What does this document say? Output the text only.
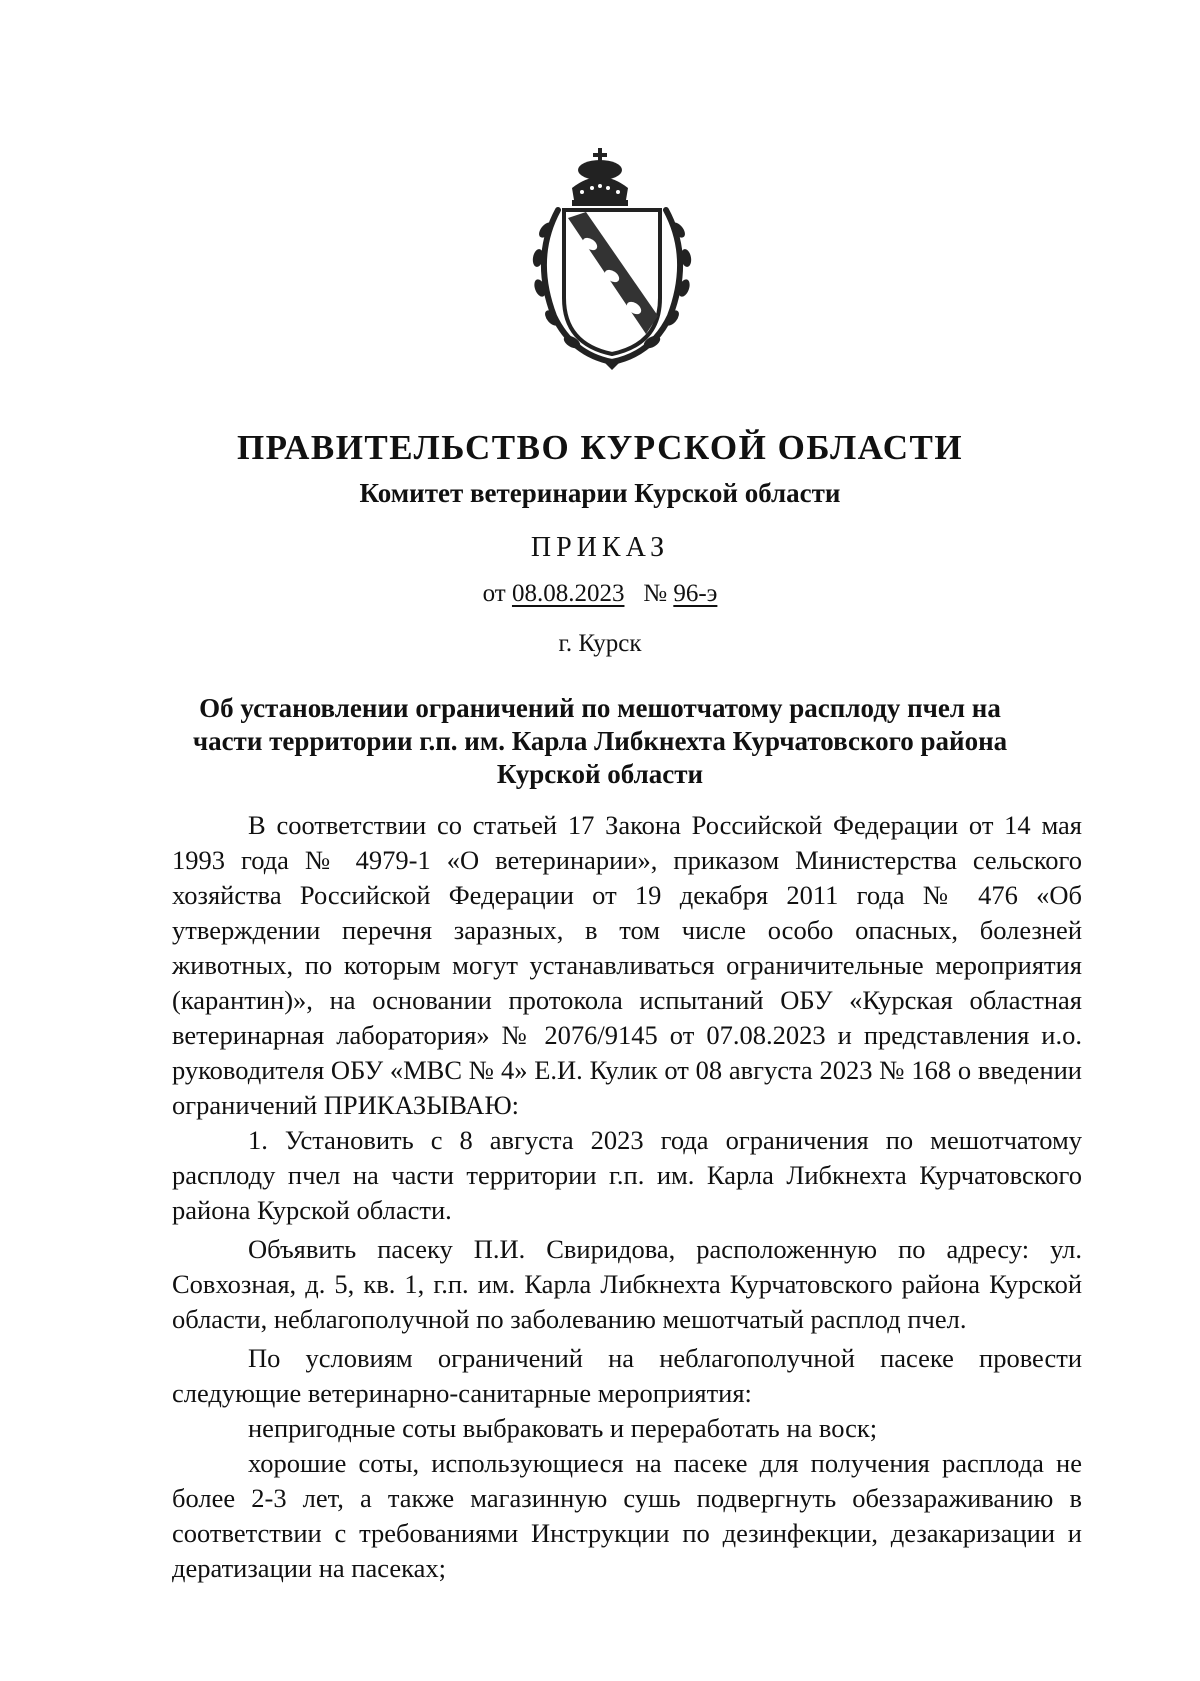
ПРАВИТЕЛЬСТВО КУРСКОЙ ОБЛАСТИ
Комитет ветеринарии Курской области
ПРИКАЗ
от 08.08.2023 № 96-э
г. Курск
Об установлении ограничений по мешотчатому расплоду пчел на
части территории г.п. им. Карла Либкнехта Курчатовского района
Курской области

В соответствии со статьей 17 Закона Российской Федерации от 14 мая 1993 года № 4979-1 «О ветеринарии», приказом Министерства сельского хозяйства Российской Федерации от 19 декабря 2011 года № 476 «Об утверждении перечня заразных, в том числе особо опасных, болезней животных, по которым могут устанавливаться ограничительные мероприятия (карантин)», на основании протокола испытаний ОБУ «Курская областная ветеринарная лаборатория» № 2076/9145 от 07.08.2023 и представления и.о. руководителя ОБУ «МВС № 4» Е.И. Кулик от 08 августа 2023 № 168 о введении ограничений ПРИКАЗЫВАЮ:

1. Установить с 8 августа 2023 года ограничения по мешотчатому расплоду пчел на части территории г.п. им. Карла Либкнехта Курчатовского района Курской области.

Объявить пасеку П.И. Свиридова, расположенную по адресу: ул. Совхозная, д. 5, кв. 1, г.п. им. Карла Либкнехта Курчатовского района Курской области, неблагополучной по заболеванию мешотчатый расплод пчел.

По условиям ограничений на неблагополучной пасеке провести следующие ветеринарно-санитарные мероприятия:

непригодные соты выбраковать и переработать на воск;

хорошие соты, использующиеся на пасеке для получения расплода не более 2-3 лет, а также магазинную сушь подвергнуть обеззараживанию в соответствии с требованиями Инструкции по дезинфекции, дезакаризации и дератизации на пасеках;
